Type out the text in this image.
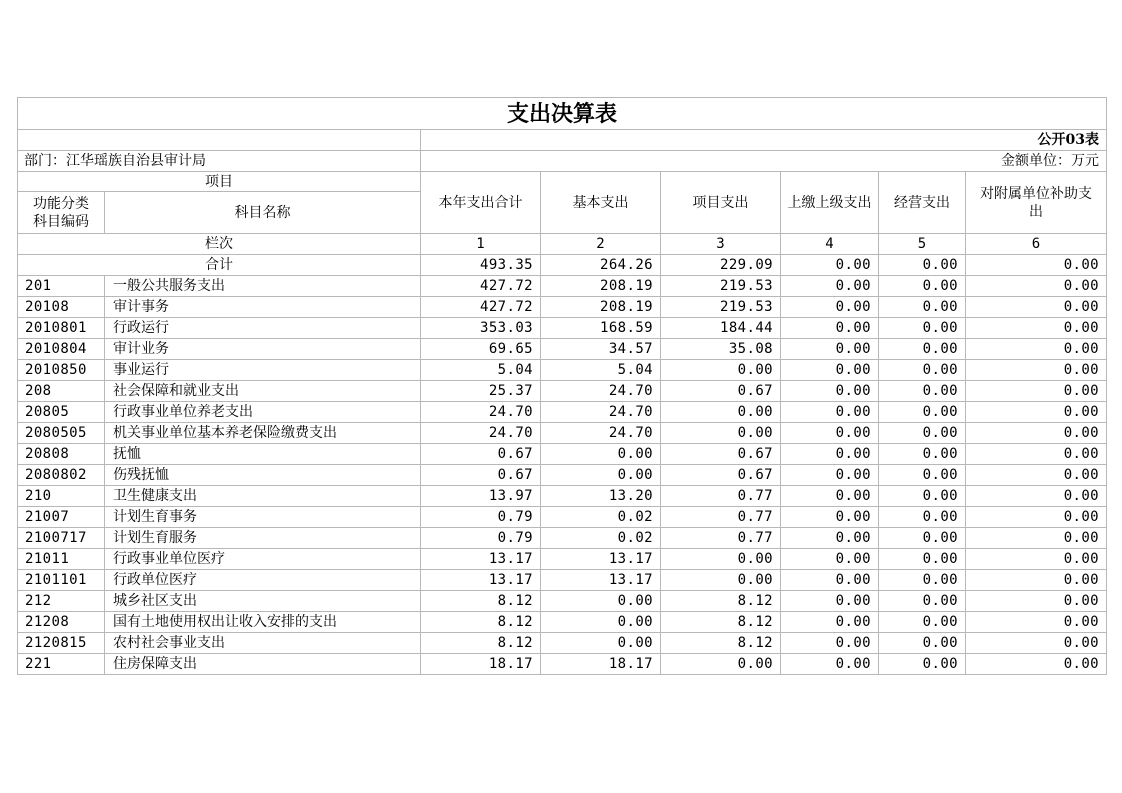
支出决算表							
		公开03表					
部门：江华瑶族自治县审计局		金额单位：万元					
项目		本年支出合计	基本支出	项目支出	上缴上级支出	经营支出	对附属单位补助支出

功能分类
科目编码	科目名称						
栏次		1	2	3	4	5	6
合计		493.35	264.26	229.09	0.00	0.00	0.00
201	一般公共服务支出	427.72	208.19	219.53	0.00	0.00	0.00
20108	审计事务	427.72	208.19	219.53	0.00	0.00	0.00
2010801	行政运行	353.03	168.59	184.44	0.00	0.00	0.00
2010804	审计业务	69.65	34.57	35.08	0.00	0.00	0.00
2010850	事业运行	5.04	5.04	0.00	0.00	0.00	0.00
208	社会保障和就业支出	25.37	24.70	0.67	0.00	0.00	0.00
20805	行政事业单位养老支出	24.70	24.70	0.00	0.00	0.00	0.00
2080505	机关事业单位基本养老保险缴费支出	24.70	24.70	0.00	0.00	0.00	0.00
20808	抚恤	0.67	0.00	0.67	0.00	0.00	0.00
2080802	伤残抚恤	0.67	0.00	0.67	0.00	0.00	0.00
210	卫生健康支出	13.97	13.20	0.77	0.00	0.00	0.00
21007	计划生育事务	0.79	0.02	0.77	0.00	0.00	0.00
2100717	计划生育服务	0.79	0.02	0.77	0.00	0.00	0.00
21011	行政事业单位医疗	13.17	13.17	0.00	0.00	0.00	0.00
2101101	行政单位医疗	13.17	13.17	0.00	0.00	0.00	0.00
212	城乡社区支出	8.12	0.00	8.12	0.00	0.00	0.00
21208	国有土地使用权出让收入安排的支出	8.12	0.00	8.12	0.00	0.00	0.00
2120815	农村社会事业支出	8.12	0.00	8.12	0.00	0.00	0.00
221	住房保障支出	18.17	18.17	0.00	0.00	0.00	0.00
